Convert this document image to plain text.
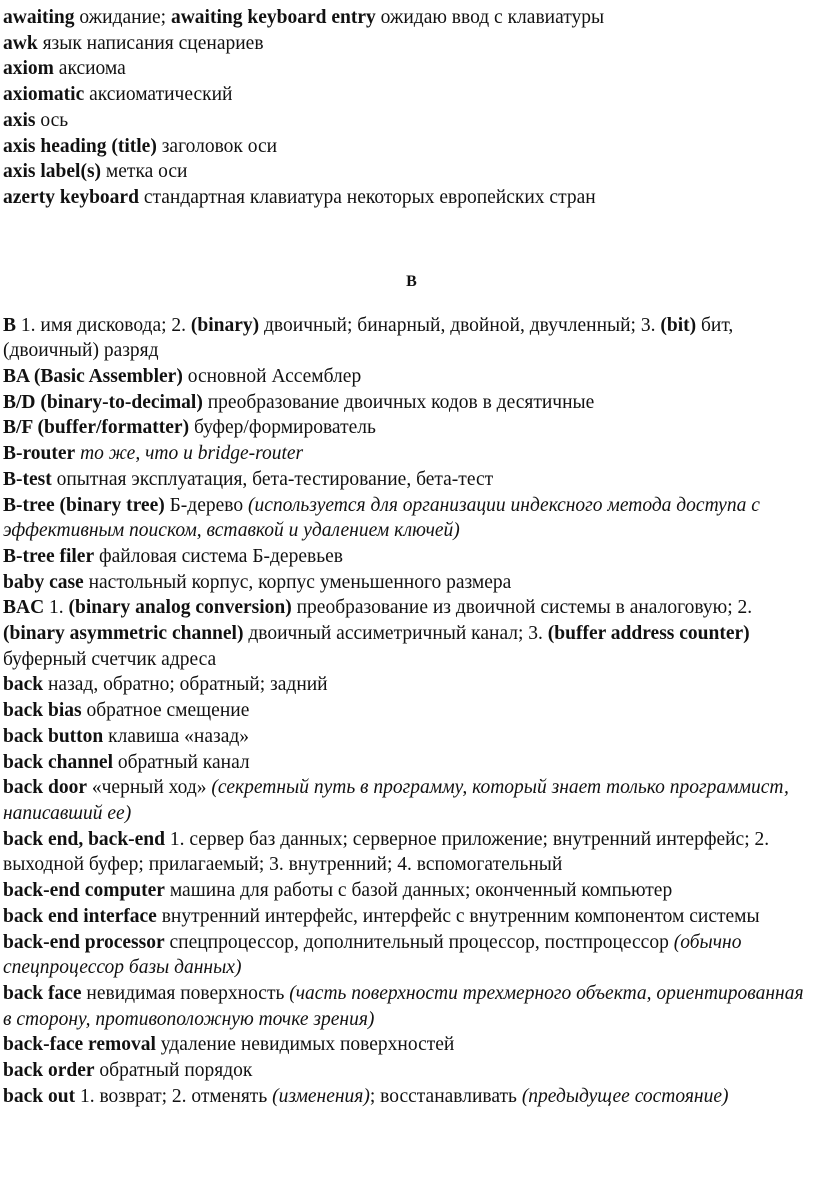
awaiting ожидание; awaiting keyboard entry ожидаю ввод с клавиатуры

awk язык написания сценариев

axiom аксиома

axiomatic аксиоматический

axis ось

axis heading (title) заголовок оси

axis label(s) метка оси

azerty keyboard стандартная клавиатура некоторых европейских стран

B

B 1. имя дисковода; 2. (binary) двоичный; бинарный, двойной, двучленный; 3. (bit) бит, (двоичный) разряд

BA (Basic Assembler) основной Ассемблер

B/D (binary-to-decimal) преобразование двоичных кодов в десятичные

B/F (buffer/formatter) буфер/формирователь

B-router то же, что и bridge-router

B-test опытная эксплуатация, бета-тестирование, бета-тест

B-tree (binary tree) Б-дерево (используется для организации индексного метода доступа с эффективным поиском, вставкой и удалением ключей)

B-tree filer файловая система Б-деревьев

baby case настольный корпус, корпус уменьшенного размера

BAC 1. (binary analog conversion) преобразование из двоичной системы в аналоговую; 2. (binary asymmetric channel) двоичный ассиметричный канал; 3. (buffer address counter) буферный счетчик адреса

back назад, обратно; обратный; задний

back bias обратное смещение

back button клавиша «назад»

back channel обратный канал

back door «черный ход» (секретный путь в программу, который знает только программист, написавший ее)

back end, back-end 1. сервер баз данных; серверное приложение; внутренний интерфейс; 2. выходной буфер; прилагаемый; 3. внутренний; 4. вспомогательный

back-end computer машина для работы с базой данных; оконченный компьютер

back end interface внутренний интерфейс, интерфейс с внутренним компонентом системы

back-end processor спецпроцессор, дополнительный процессор, постпроцессор (обычно спецпроцессор базы данных)

back face невидимая поверхность (часть поверхности трехмерного объекта, ориентированная в сторону, противоположную точке зрения)

back-face removal удаление невидимых поверхностей

back order обратный порядок

back out 1. возврат; 2. отменять (изменения); восстанавливать (предыдущее состояние)
